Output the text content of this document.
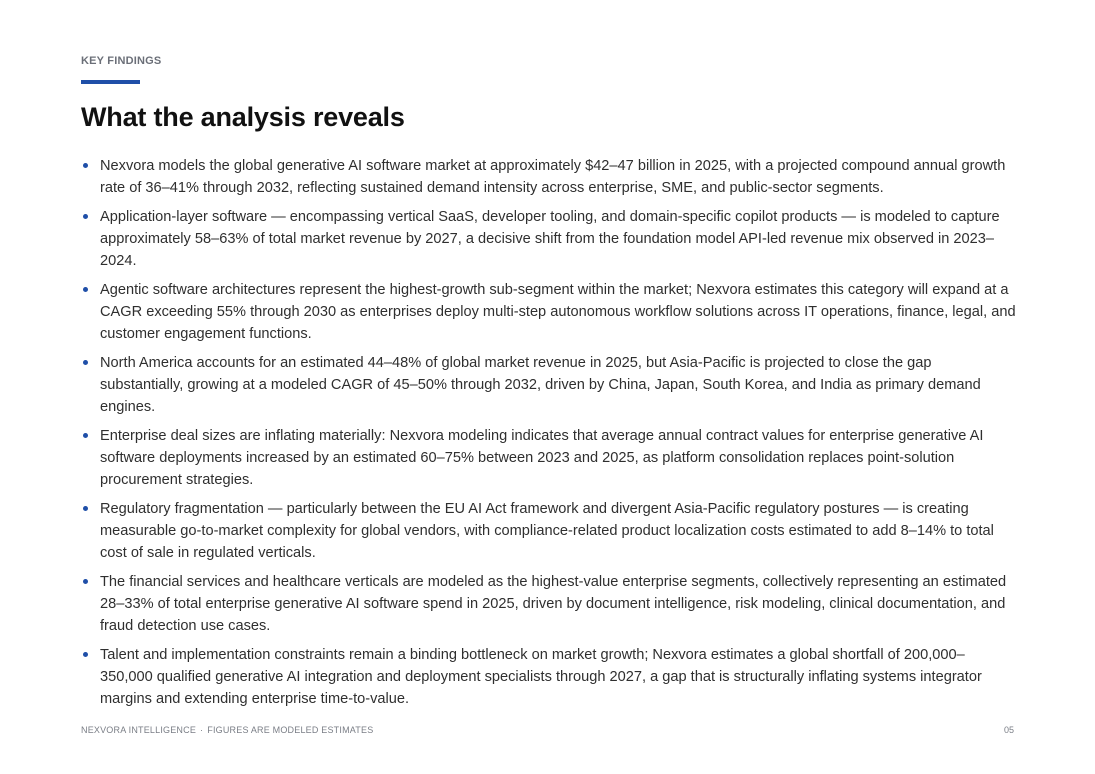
KEY FINDINGS
What the analysis reveals
Nexvora models the global generative AI software market at approximately $42–47 billion in 2025, with a projected compound annual growth rate of 36–41% through 2032, reflecting sustained demand intensity across enterprise, SME, and public-sector segments.
Application-layer software — encompassing vertical SaaS, developer tooling, and domain-specific copilot products — is modeled to capture approximately 58–63% of total market revenue by 2027, a decisive shift from the foundation model API-led revenue mix observed in 2023–2024.
Agentic software architectures represent the highest-growth sub-segment within the market; Nexvora estimates this category will expand at a CAGR exceeding 55% through 2030 as enterprises deploy multi-step autonomous workflow solutions across IT operations, finance, legal, and customer engagement functions.
North America accounts for an estimated 44–48% of global market revenue in 2025, but Asia-Pacific is projected to close the gap substantially, growing at a modeled CAGR of 45–50% through 2032, driven by China, Japan, South Korea, and India as primary demand engines.
Enterprise deal sizes are inflating materially: Nexvora modeling indicates that average annual contract values for enterprise generative AI software deployments increased by an estimated 60–75% between 2023 and 2025, as platform consolidation replaces point-solution procurement strategies.
Regulatory fragmentation — particularly between the EU AI Act framework and divergent Asia-Pacific regulatory postures — is creating measurable go-to-market complexity for global vendors, with compliance-related product localization costs estimated to add 8–14% to total cost of sale in regulated verticals.
The financial services and healthcare verticals are modeled as the highest-value enterprise segments, collectively representing an estimated 28–33% of total enterprise generative AI software spend in 2025, driven by document intelligence, risk modeling, clinical documentation, and fraud detection use cases.
Talent and implementation constraints remain a binding bottleneck on market growth; Nexvora estimates a global shortfall of 200,000–350,000 qualified generative AI integration and deployment specialists through 2027, a gap that is structurally inflating systems integrator margins and extending enterprise time-to-value.
NEXVORA INTELLIGENCE · FIGURES ARE MODELED ESTIMATES	05
